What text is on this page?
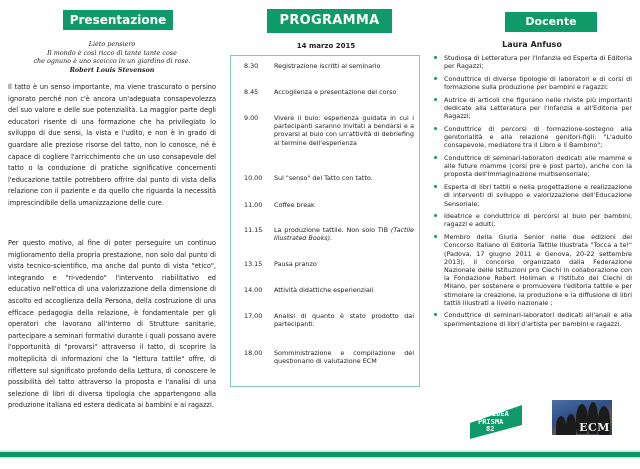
Presentazione
Lieto pensiero
Il mondo è così ricco di tante tante cose
che ognuno è uno sceicco in un giardino di rose.
Robert Louis Stevenson
Il tatto è un senso importante, ma viene trascurato o persino ignorato perché non c'è ancora un'adeguata consapevolezza del suo valore e delle sue potenzialità. La maggior parte degli educatori risente di una formazione che ha privilegiato lo sviluppo di due sensi, la vista e l'udito, e non è in grado di guardare alle preziose risorse del tatto, non lo conosce, né è capace di cogliere l'arricchimento che un uso consapevole del tatto o la conduzione di pratiche significative concernenti l'educazione tattile potrebbero offrire dal punto di vista della relazione con il paziente e da quello che riguarda la necessità imprescindibile della umanizzazione delle cure.
Per questo motivo, al fine di poter perseguire un continuo miglioramento della propria prestazione, non solo dal punto di vista tecnico-scientifico, ma anche dal punto di vista "etico", integrando e "ri-vedendo" l'intervento riabilitativo ed educativo nell'ottica di una valorizzazione della dimensione di ascolto ed accoglienza della Persona, della costruzione di una efficace pedagogia della relazione, è fondamentale per gli operatori che lavorano all'interno di Strutture sanitarie, partecipare a seminari formativi durante i quali possano avere l'opportunità di "provarsi" attraverso il tatto, di scoprire la molteplicità di informazioni che la "lettura tattile" offre, di riflettere sul significato profondo della Lettura, di conoscere le possibilità del tatto attraverso la proposta e l'analisi di una selezione di libri di diversa tipologia che appartengono alla produzione italiana ed estera dedicata ai bambini e ai ragazzi.
PROGRAMMA
14 marzo 2015
8.30	Registrazione iscritti al seminario
8.45	Accoglienza e presentazione del corso
9.00	Vivere il buio: esperienza guidata in cui i partecipanti saranno invitati a bendarsi e a provarsi al buio con un'attività di debriefing al termine dell'esperienza
10.00	Sul "senso" del Tatto con tatto.
11.00	Coffee break
11.15	La produzione tattile. Non solo TIB (Tactile Illustrated Books).
13.15	Pausa pranzo
14.00	Attività didattiche esperienziali
17.00	Analisi di quanto è stato prodotto dai partecipanti.
18.00	Somministrazione e compilazione del questionario di valutazione ECM
Docente
Laura Anfuso
Studiosa di Letteratura per l'Infanzia ed Esperta di Editoria per Ragazzi;
Conduttrice di diverse tipologie di laboratori e di corsi di formazione sulla produzione per bambini e ragazzi;
Autrice di articoli che figurano nelle riviste più importanti dedicate alla Letteratura per l'Infanzia e all'Editoria per Ragazzi;
Conduttrice di percorsi di formazione-sostegno alla genitorialità e alla relazione genitori-figli: "L'adulto consapevole, mediatore tra il Libro e il Bambino";
Conduttrice di seminari-laboratori dedicati alle mamme e alle future mamme (corsi pre e post parto), anche con la proposta dell'Immaginazione multisensoriale;
Esperta di libri tattili e nella progettazione e realizzazione di interventi di sviluppo e valorizzazione dell'Educazione Sensoriale;
Ideatrice e conduttrice di percorsi al buio per bambini, ragazzi e adulti;
Membro della Giuria Senior nelle due edizioni del Concorso Italiano di Editoria Tattile Illustrata "Tocca a te!" (Padova, 17 giugno 2011 e Genova, 20-22 settembre 2013), il concorso organizzato dalla Federazione Nazionale delle Istituzioni pro Ciechi in collaborazione con la Fondazione Robert Hollman e l'Istituto dei Ciechi di Milano, per sostenere e promuovere l'editoria tattile e per stimolare la creazione, la produzione e la diffusione di libri tattili illustrati a livello nazionale ;
Conduttrice di seminari-laboratori dedicati all'anali e alla sperimentazione di libri d'artista per bambini e ragazzi.
IDEA
PRISMA
82	ECM
